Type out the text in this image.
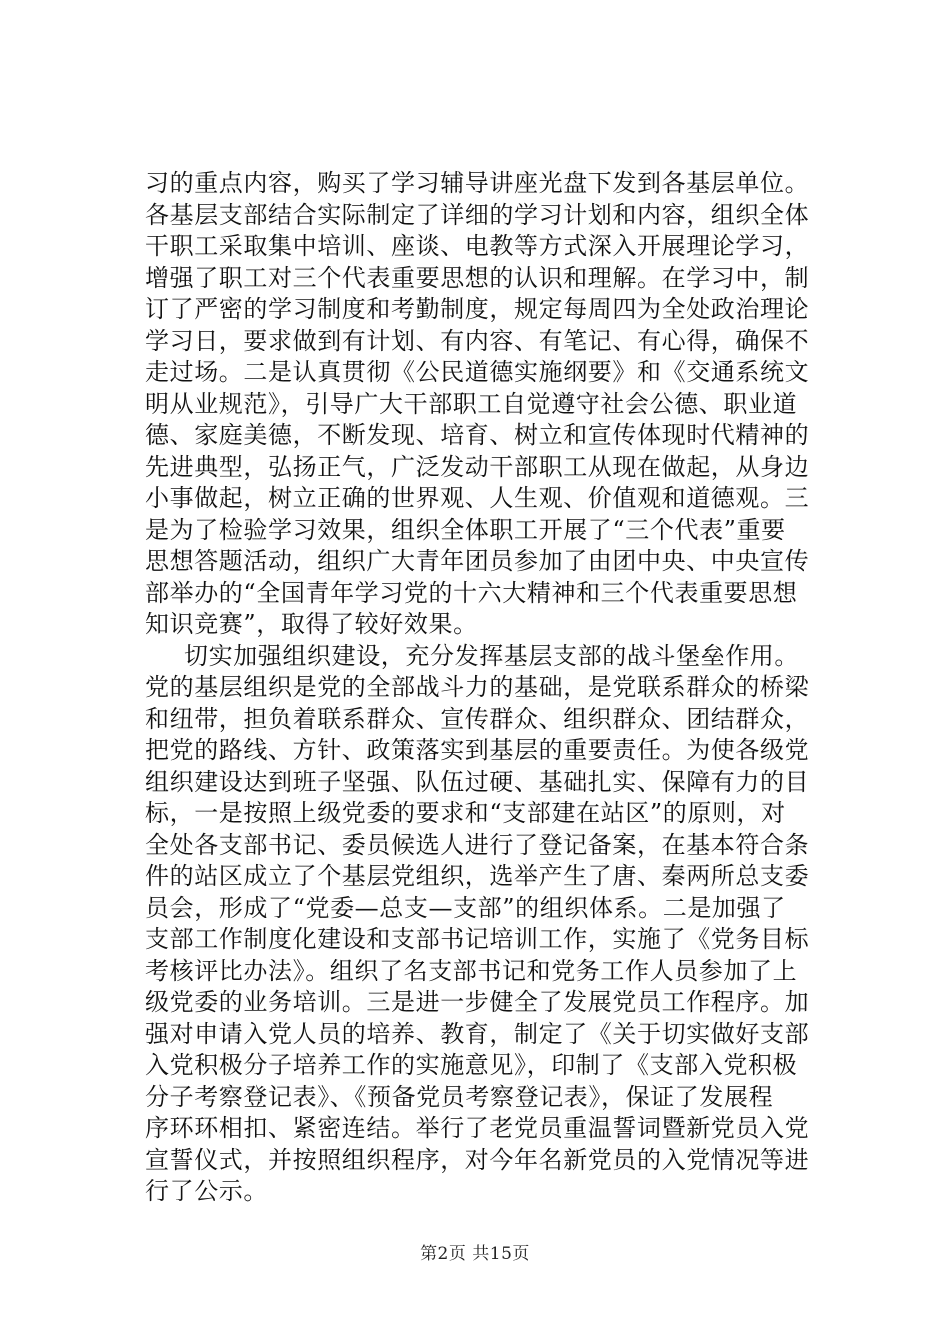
习的重点内容，购买了学习辅导讲座光盘下发到各基层单位。
各基层支部结合实际制定了详细的学习计划和内容，组织全体
干职工采取集中培训、座谈、电教等方式深入开展理论学习，
增强了职工对三个代表重要思想的认识和理解。在学习中，制
订了严密的学习制度和考勤制度，规定每周四为全处政治理论
学习日，要求做到有计划、有内容、有笔记、有心得，确保不
走过场。二是认真贯彻《公民道德实施纲要》和《交通系统文
明从业规范》，引导广大干部职工自觉遵守社会公德、职业道
德、家庭美德，不断发现、培育、树立和宣传体现时代精神的
先进典型，弘扬正气，广泛发动干部职工从现在做起，从身边
小事做起，树立正确的世界观、人生观、价值观和道德观。三
是为了检验学习效果，组织全体职工开展了“三个代表”重要
思想答题活动，组织广大青年团员参加了由团中央、中央宣传
部举办的“全国青年学习党的十六大精神和三个代表重要思想
知识竞赛”，取得了较好效果。
切实加强组织建设，充分发挥基层支部的战斗堡垒作用。
党的基层组织是党的全部战斗力的基础，是党联系群众的桥梁
和纽带，担负着联系群众、宣传群众、组织群众、团结群众，
把党的路线、方针、政策落实到基层的重要责任。为使各级党
组织建设达到班子坚强、队伍过硬、基础扎实、保障有力的目
标，一是按照上级党委的要求和“支部建在站区”的原则，对
全处各支部书记、委员候选人进行了登记备案，在基本符合条
件的站区成立了个基层党组织，选举产生了唐、秦两所总支委
员会，形成了“党委—总支—支部”的组织体系。二是加强了
支部工作制度化建设和支部书记培训工作，实施了《党务目标
考核评比办法》。组织了名支部书记和党务工作人员参加了上
级党委的业务培训。三是进一步健全了发展党员工作程序。加
强对申请入党人员的培养、教育，制定了《关于切实做好支部
入党积极分子培养工作的实施意见》，印制了《支部入党积极
分子考察登记表》、《预备党员考察登记表》，保证了发展程
序环环相扣、紧密连结。举行了老党员重温誓词暨新党员入党
宣誓仪式，并按照组织程序，对今年名新党员的入党情况等进
行了公示。
第2页 共15页
